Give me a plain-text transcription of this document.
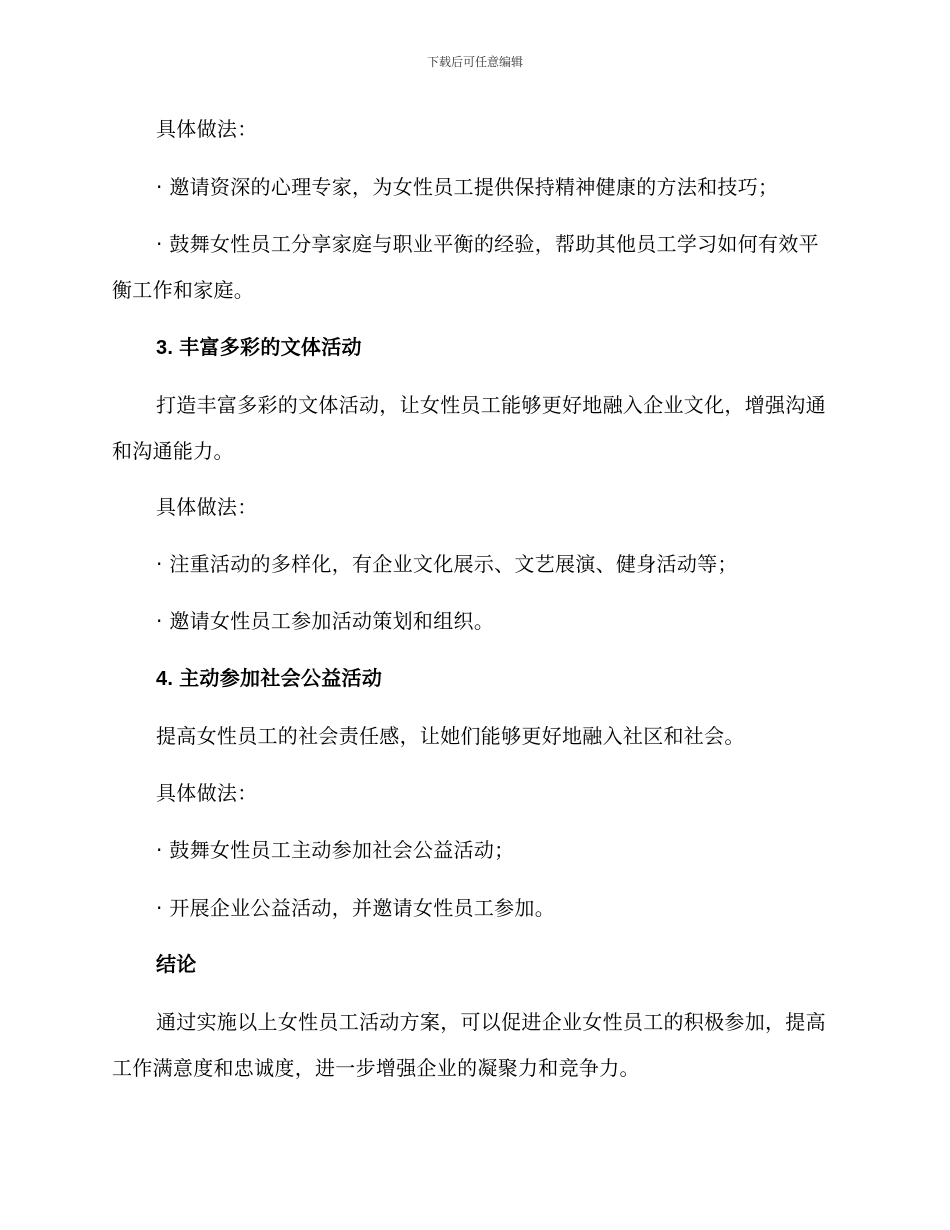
下载后可任意编辑

具体做法：

· 邀请资深的心理专家，为女性员工提供保持精神健康的方法和技巧；

· 鼓舞女性员工分享家庭与职业平衡的经验，帮助其他员工学习如何有效平衡工作和家庭。

3. 丰富多彩的文体活动

打造丰富多彩的文体活动，让女性员工能够更好地融入企业文化，增强沟通和沟通能力。

具体做法：

· 注重活动的多样化，有企业文化展示、文艺展演、健身活动等；

· 邀请女性员工参加活动策划和组织。

4. 主动参加社会公益活动

提高女性员工的社会责任感，让她们能够更好地融入社区和社会。

具体做法：

· 鼓舞女性员工主动参加社会公益活动；

· 开展企业公益活动，并邀请女性员工参加。

结论

通过实施以上女性员工活动方案，可以促进企业女性员工的积极参加，提高工作满意度和忠诚度，进一步增强企业的凝聚力和竞争力。
